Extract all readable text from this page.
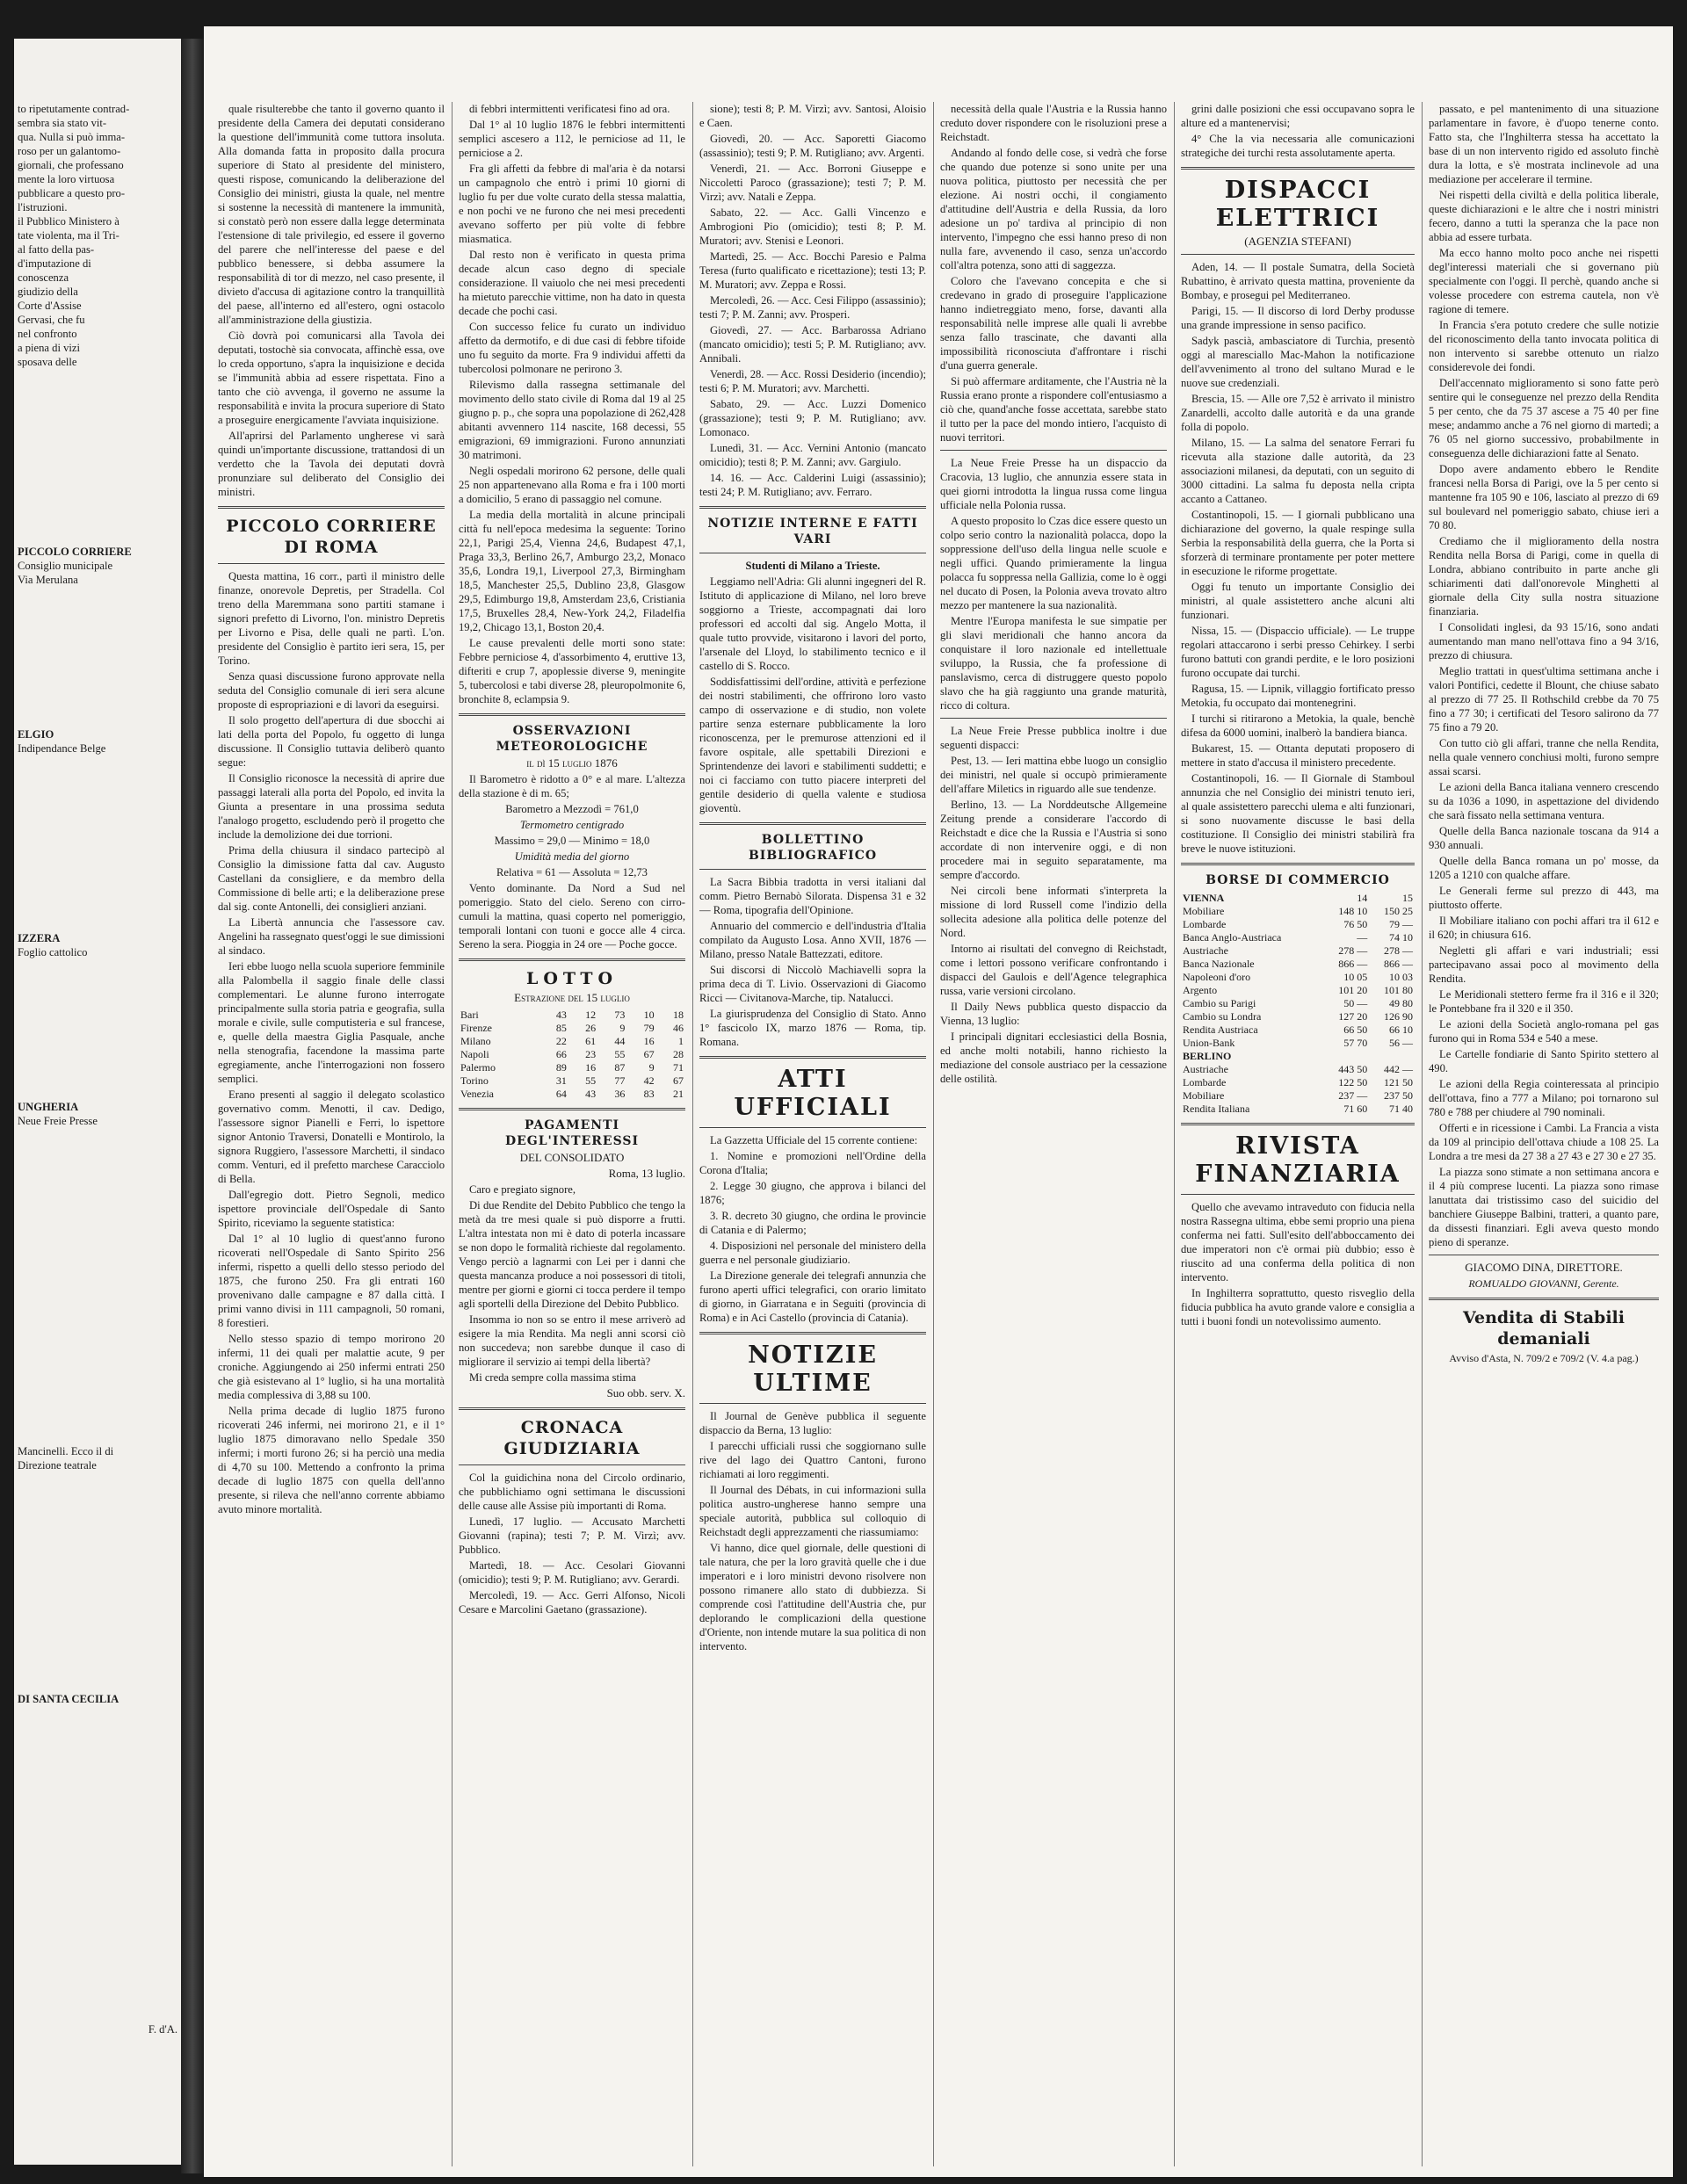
to ripetutamente contrad-

sembra sia stato vit-

qua. Nulla si può imma-

roso per un galantomo-

giornali, che professano

mente la loro virtuosa

pubblicare a questo pro-

l'istruzioni.

il Pubblico Ministero à

tate violenta, ma il Tri-

al fatto della pas-

d'imputazione di

conoscenza

giudizio della

Corte d'Assise

Gervasi, che fu

nel confronto

a piena di vizi

sposava delle

PICCOLO CORRIERE

Consiglio municipale

Via Merulana

ELGIO

Indipendance Belge

IZZERA

Foglio cattolico

UNGHERIA

Neue Freie Presse

Mancinelli. Ecco il di

Direzione teatrale

DI SANTA CECILIA

F. d'A.

quale risulterebbe che tanto il governo quanto il presidente della Camera dei deputati considerano la questione dell'immunità come tuttora insoluta. Alla domanda fatta in proposito dalla procura superiore di Stato al presidente del ministero, questi rispose, comunicando la deliberazione del Consiglio dei ministri, giusta la quale, nel mentre si sostenne la necessità di mantenere la immunità, si constatò però non essere dalla legge determinata l'estensione di tale privilegio, ed essere il governo del parere che nell'interesse del paese e del pubblico benessere, si debba assumere la responsabilità di tor di mezzo, nel caso presente, il divieto d'accusa di agitazione contro la tranquillità del paese, all'interno ed all'estero, ogni ostacolo all'amministrazione della giustizia.

Ciò dovrà poi comunicarsi alla Tavola dei deputati, tostochè sia convocata, affinchè essa, ove lo creda opportuno, s'apra la inquisizione e decida se l'immunità abbia ad essere rispettata. Fino a tanto che ciò avvenga, il governo ne assume la responsabilità e invita la procura superiore di Stato a proseguire energicamente l'avviata inquisizione.

All'aprirsi del Parlamento ungherese vi sarà quindi un'importante discussione, trattandosi di un verdetto che la Tavola dei deputati dovrà pronunziare sul deliberato del Consiglio dei ministri.

PICCOLO CORRIERE DI ROMA

Questa mattina, 16 corr., partì il ministro delle finanze, onorevole Depretis, per Stradella. Col treno della Maremmana sono partiti stamane i signori prefetto di Livorno, l'on. ministro Depretis per Livorno e Pisa, delle quali ne partì. L'on. presidente del Consiglio è partito ieri sera, 15, per Torino.

Senza quasi discussione furono approvate nella seduta del Consiglio comunale di ieri sera alcune proposte di espropriazioni e di lavori da eseguirsi.

Il solo progetto dell'apertura di due sbocchi ai lati della porta del Popolo, fu oggetto di lunga discussione. Il Consiglio tuttavia deliberò quanto segue:

Il Consiglio riconosce la necessità di aprire due passaggi laterali alla porta del Popolo, ed invita la Giunta a presentare in una prossima seduta l'analogo progetto, escludendo però il progetto che include la demolizione dei due torrioni.

Prima della chiusura il sindaco partecipò al Consiglio la dimissione fatta dal cav. Augusto Castellani da consigliere, e da membro della Commissione di belle arti; e la deliberazione prese dal sig. conte Antonelli, dei consiglieri anziani.

La Libertà annuncia che l'assessore cav. Angelini ha rassegnato quest'oggi le sue dimissioni al sindaco.

Ieri ebbe luogo nella scuola superiore femminile alla Palombella il saggio finale delle classi complementari. Le alunne furono interrogate principalmente sulla storia patria e geografia, sulla morale e civile, sulle computisteria e sul francese, e, quelle della maestra Giglia Pasquale, anche nella stenografia, facendone la massima parte egregiamente, anche l'interrogazioni non fossero semplici.

Erano presenti al saggio il delegato scolastico governativo comm. Menotti, il cav. Dedigo, l'assessore signor Pianelli e Ferri, lo ispettore signor Antonio Traversi, Donatelli e Montirolo, la signora Ruggiero, l'assessore Marchetti, il sindaco comm. Venturi, ed il prefetto marchese Caracciolo di Bella.

Dall'egregio dott. Pietro Segnoli, medico ispettore provinciale dell'Ospedale di Santo Spirito, riceviamo la seguente statistica:

Dal 1° al 10 luglio di quest'anno furono ricoverati nell'Ospedale di Santo Spirito 256 infermi, rispetto a quelli dello stesso periodo del 1875, che furono 250. Fra gli entrati 160 provenivano dalle campagne e 87 dalla città. I primi vanno divisi in 111 campagnoli, 50 romani, 8 forestieri.

Nello stesso spazio di tempo morirono 20 infermi, 11 dei quali per malattie acute, 9 per croniche. Aggiungendo ai 250 infermi entrati 250 che già esistevano al 1° luglio, si ha una mortalità media complessiva di 3,88 su 100.

Nella prima decade di luglio 1875 furono ricoverati 246 infermi, nei morirono 21, e il 1° luglio 1875 dimoravano nello Spedale 350 infermi; i morti furono 26; si ha perciò una media di 4,70 su 100. Mettendo a confronto la prima decade di luglio 1875 con quella dell'anno presente, si rileva che nell'anno corrente abbiamo avuto minore mortalità.

di febbri intermittenti verificatesi fino ad ora.

Dal 1° al 10 luglio 1876 le febbri intermittenti semplici ascesero a 112, le perniciose ad 11, le perniciose a 2.

Fra gli affetti da febbre di mal'aria è da notarsi un campagnolo che entrò i primi 10 giorni di luglio fu per due volte curato della stessa malattia, e non pochi ve ne furono che nei mesi precedenti avevano sofferto per più volte di febbre miasmatica.

Dal resto non è verificato in questa prima decade alcun caso degno di speciale considerazione. Il vaiuolo che nei mesi precedenti ha mietuto parecchie vittime, non ha dato in questa decade che pochi casi.

Con successo felice fu curato un individuo affetto da dermotifo, e di due casi di febbre tifoide uno fu seguito da morte. Fra 9 individui affetti da tubercolosi polmonare ne perirono 3.

Rilevismo dalla rassegna settimanale del movimento dello stato civile di Roma dal 19 al 25 giugno p. p., che sopra una popolazione di 262,428 abitanti avvennero 114 nascite, 168 decessi, 55 emigrazioni, 69 immigrazioni. Furono annunziati 30 matrimoni.

Negli ospedali morirono 62 persone, delle quali 25 non appartenevano alla Roma e fra i 100 morti a domicilio, 5 erano di passaggio nel comune.

La media della mortalità in alcune principali città fu nell'epoca medesima la seguente: Torino 22,1, Parigi 25,4, Vienna 24,6, Budapest 47,1, Praga 33,3, Berlino 26,7, Amburgo 23,2, Monaco 35,6, Londra 19,1, Liverpool 27,3, Birmingham 18,5, Manchester 25,5, Dublino 23,8, Glasgow 29,5, Edimburgo 19,8, Amsterdam 23,6, Cristiania 17,5, Bruxelles 28,4, New-York 24,2, Filadelfia 19,2, Chicago 13,1, Boston 20,4.

Le cause prevalenti delle morti sono state: Febbre perniciose 4, d'assorbimento 4, eruttive 13, difteriti e crup 7, apoplessie diverse 9, meningite 5, tubercolosi e tabi diverse 28, pleuropolmonite 6, bronchite 8, eclampsia 9.

OSSERVAZIONI METEOROLOGICHE

il dì 15 luglio 1876

Il Barometro è ridotto a 0° e al mare. L'altezza della stazione è di m. 65;

Barometro a Mezzodì = 761,0

Termometro centigrado

Massimo = 29,0 — Minimo = 18,0

Umidità media del giorno

Relativa = 61 — Assoluta = 12,73

Vento dominante. Da Nord a Sud nel pomeriggio. Stato del cielo. Sereno con cirro-cumuli la mattina, quasi coperto nel pomeriggio, temporali lontani con tuoni e gocce alle 4 circa. Sereno la sera. Pioggia in 24 ore — Poche gocce.

LOTTO

Estrazione del 15 luglio

Bari	43	12	73	10	18
Firenze	85	26	9	79	46
Milano	22	61	44	16	1
Napoli	66	23	55	67	28
Palermo	89	16	87	9	71
Torino	31	55	77	42	67
Venezia	64	43	36	83	21

PAGAMENTI DEGL'INTERESSI

DEL CONSOLIDATO

Roma, 13 luglio.

Caro e pregiato signore,

Di due Rendite del Debito Pubblico che tengo la metà da tre mesi quale si può disporre a frutti. L'altra intestata non mi è dato di poterla incassare se non dopo le formalità richieste dal regolamento. Vengo perciò a lagnarmi con Lei per i danni che questa mancanza produce a noi possessori di titoli, mentre per giorni e giorni ci tocca perdere il tempo agli sportelli della Direzione del Debito Pubblico.

Insomma io non so se entro il mese arriverò ad esigere la mia Rendita. Ma negli anni scorsi ciò non succedeva; non sarebbe dunque il caso di migliorare il servizio ai tempi della libertà?

Mi creda sempre colla massima stima

Suo obb. serv. X.

CRONACA GIUDIZIARIA

Col la guidichina nona del Circolo ordinario, che pubblichiamo ogni settimana le discussioni delle cause alle Assise più importanti di Roma.

Lunedì, 17 luglio. — Accusato Marchetti Giovanni (rapina); testi 7; P. M. Virzì; avv. Pubblico.

Martedì, 18. — Acc. Cesolari Giovanni (omicidio); testi 9; P. M. Rutigliano; avv. Gerardi.

Mercoledì, 19. — Acc. Gerri Alfonso, Nicoli Cesare e Marcolini Gaetano (grassazione).

sione); testi 8; P. M. Virzì; avv. Santosi, Aloisio e Caen.

Giovedì, 20. — Acc. Saporetti Giacomo (assassinio); testi 9; P. M. Rutigliano; avv. Argenti.

Venerdì, 21. — Acc. Borroni Giuseppe e Niccoletti Paroco (grassazione); testi 7; P. M. Virzì; avv. Natali e Zeppa.

Sabato, 22. — Acc. Galli Vincenzo e Ambrogioni Pio (omicidio); testi 8; P. M. Muratori; avv. Stenisi e Leonori.

Martedì, 25. — Acc. Bocchi Paresio e Palma Teresa (furto qualificato e ricettazione); testi 13; P. M. Muratori; avv. Zeppa e Rossi.

Mercoledì, 26. — Acc. Cesi Filippo (assassinio); testi 7; P. M. Zanni; avv. Prosperi.

Giovedì, 27. — Acc. Barbarossa Adriano (mancato omicidio); testi 5; P. M. Rutigliano; avv. Annibali.

Venerdì, 28. — Acc. Rossi Desiderio (incendio); testi 6; P. M. Muratori; avv. Marchetti.

Sabato, 29. — Acc. Luzzi Domenico (grassazione); testi 9; P. M. Rutigliano; avv. Lomonaco.

Lunedì, 31. — Acc. Vernini Antonio (mancato omicidio); testi 8; P. M. Zanni; avv. Gargiulo.

14. 16. — Acc. Calderini Luigi (assassinio); testi 24; P. M. Rutigliano; avv. Ferraro.

NOTIZIE INTERNE E FATTI VARI

Studenti di Milano a Trieste.

Leggiamo nell'Adria: Gli alunni ingegneri del R. Istituto di applicazione di Milano, nel loro breve soggiorno a Trieste, accompagnati dai loro professori ed accolti dal sig. Angelo Motta, il quale tutto provvide, visitarono i lavori del porto, l'arsenale del Lloyd, lo stabilimento tecnico e il castello di S. Rocco.

Soddisfattissimi dell'ordine, attività e perfezione dei nostri stabilimenti, che offrirono loro vasto campo di osservazione e di studio, non volete partire senza esternare pubblicamente la loro riconoscenza, per le premurose attenzioni ed il favore ospitale, alle spettabili Direzioni e Sprintendenze dei lavori e stabilimenti suddetti; e noi ci facciamo con tutto piacere interpreti del gentile desiderio di quella valente e studiosa gioventù.

BOLLETTINO BIBLIOGRAFICO

La Sacra Bibbia tradotta in versi italiani dal comm. Pietro Bernabò Silorata. Dispensa 31 e 32 — Roma, tipografia dell'Opinione.

Annuario del commercio e dell'industria d'Italia compilato da Augusto Losa. Anno XVII, 1876 — Milano, presso Natale Battezzati, editore.

Sui discorsi di Niccolò Machiavelli sopra la prima deca di T. Livio. Osservazioni di Giacomo Ricci — Civitanova-Marche, tip. Natalucci.

La giurisprudenza del Consiglio di Stato. Anno 1° fascicolo IX, marzo 1876 — Roma, tip. Romana.

ATTI UFFICIALI

La Gazzetta Ufficiale del 15 corrente contiene:

1. Nomine e promozioni nell'Ordine della Corona d'Italia;

2. Legge 30 giugno, che approva i bilanci del 1876;

3. R. decreto 30 giugno, che ordina le provincie di Catania e di Palermo;

4. Disposizioni nel personale del ministero della guerra e nel personale giudiziario.

La Direzione generale dei telegrafi annunzia che furono aperti uffici telegrafici, con orario limitato di giorno, in Giarratana e in Seguiti (provincia di Roma) e in Aci Castello (provincia di Catania).

NOTIZIE ULTIME

Il Journal de Genève pubblica il seguente dispaccio da Berna, 13 luglio:

I parecchi ufficiali russi che soggiornano sulle rive del lago dei Quattro Cantoni, furono richiamati ai loro reggimenti.

Il Journal des Débats, in cui informazioni sulla politica austro-ungherese hanno sempre una speciale autorità, pubblica sul colloquio di Reichstadt degli apprezzamenti che riassumiamo:

Vi hanno, dice quel giornale, delle questioni di tale natura, che per la loro gravità quelle che i due imperatori e i loro ministri devono risolvere non possono rimanere allo stato di dubbiezza. Si comprende così l'attitudine dell'Austria che, pur deplorando le complicazioni della questione d'Oriente, non intende mutare la sua politica di non intervento.

necessità della quale l'Austria e la Russia hanno creduto dover rispondere con le risoluzioni prese a Reichstadt.

Andando al fondo delle cose, si vedrà che forse che quando due potenze si sono unite per una nuova politica, piuttosto per necessità che per elezione. Ai nostri occhi, il congiamento d'attitudine dell'Austria e della Russia, da loro adesione un po' tardiva al principio di non intervento, l'impegno che essi hanno preso di non nulla fare, avvenendo il caso, senza un'accordo coll'altra potenza, sono atti di saggezza.

Coloro che l'avevano concepita e che si credevano in grado di proseguire l'applicazione hanno indietreggiato meno, forse, davanti alla responsabilità nelle imprese alle quali li avrebbe senza fallo trascinate, che davanti alla impossibilità riconosciuta d'affrontare i rischi d'una guerra generale.

Si può affermare arditamente, che l'Austria nè la Russia erano pronte a rispondere coll'entusiasmo a ciò che, quand'anche fosse accettata, sarebbe stato il tutto per la pace del mondo intiero, l'acquisto di nuovi territori.

La Neue Freie Presse ha un dispaccio da Cracovia, 13 luglio, che annunzia essere stata in quei giorni introdotta la lingua russa come lingua ufficiale nella Polonia russa.

A questo proposito lo Czas dice essere questo un colpo serio contro la nazionalità polacca, dopo la soppressione dell'uso della lingua nelle scuole e negli uffici. Quando primieramente la lingua polacca fu soppressa nella Gallizia, come lo è oggi nel ducato di Posen, la Polonia aveva trovato altro mezzo per mantenere la sua nazionalità.

Mentre l'Europa manifesta le sue simpatie per gli slavi meridionali che hanno ancora da conquistare il loro nazionale ed intellettuale sviluppo, la Russia, che fa professione di panslavismo, cerca di distruggere questo popolo slavo che ha già raggiunto una grande maturità, ricco di coltura.

La Neue Freie Presse pubblica inoltre i due seguenti dispacci:

Pest, 13. — Ieri mattina ebbe luogo un consiglio dei ministri, nel quale si occupò primieramente dell'affare Miletics in riguardo alle sue tendenze.

Berlino, 13. — La Norddeutsche Allgemeine Zeitung prende a considerare l'accordo di Reichstadt e dice che la Russia e l'Austria si sono accordate di non intervenire oggi, e di non procedere mai in seguito separatamente, ma sempre d'accordo.

Nei circoli bene informati s'interpreta la missione di lord Russell come l'indizio della sollecita adesione alla politica delle potenze del Nord.

Intorno ai risultati del convegno di Reichstadt, come i lettori possono verificare confrontando i dispacci del Gaulois e dell'Agence telegraphica russa, varie versioni circolano.

Il Daily News pubblica questo dispaccio da Vienna, 13 luglio:

I principali dignitari ecclesiastici della Bosnia, ed anche molti notabili, hanno richiesto la mediazione del console austriaco per la cessazione delle ostilità.

grini dalle posizioni che essi occupavano sopra le alture ed a mantenervisi;

4° Che la via necessaria alle comunicazioni strategiche dei turchi resta assolutamente aperta.

DISPACCI ELETTRICI

(AGENZIA STEFANI)

Aden, 14. — Il postale Sumatra, della Società Rubattino, è arrivato questa mattina, proveniente da Bombay, e prosegui pel Mediterraneo.

Parigi, 15. — Il discorso di lord Derby produsse una grande impressione in senso pacifico.

Sadyk pascià, ambasciatore di Turchia, presentò oggi al maresciallo Mac-Mahon la notificazione dell'avvenimento al trono del sultano Murad e le nuove sue credenziali.

Brescia, 15. — Alle ore 7,52 è arrivato il ministro Zanardelli, accolto dalle autorità e da una grande folla di popolo.

Milano, 15. — La salma del senatore Ferrari fu ricevuta alla stazione dalle autorità, da 23 associazioni milanesi, da deputati, con un seguito di 3000 cittadini. La salma fu deposta nella cripta accanto a Cattaneo.

Costantinopoli, 15. — I giornali pubblicano una dichiarazione del governo, la quale respinge sulla Serbia la responsabilità della guerra, che la Porta si sforzerà di terminare prontamente per poter mettere in esecuzione le riforme progettate.

Oggi fu tenuto un importante Consiglio dei ministri, al quale assistettero anche alcuni alti funzionari.

Nissa, 15. — (Dispaccio ufficiale). — Le truppe regolari attaccarono i serbi presso Cehirkey. I serbi furono battuti con grandi perdite, e le loro posizioni furono occupate dai turchi.

Ragusa, 15. — Lipnik, villaggio fortificato presso Metokia, fu occupato dai montenegrini.

I turchi si ritirarono a Metokia, la quale, benchè difesa da 6000 uomini, inalberò la bandiera bianca.

Bukarest, 15. — Ottanta deputati proposero di mettere in stato d'accusa il ministero precedente.

Costantinopoli, 16. — Il Giornale di Stamboul annunzia che nel Consiglio dei ministri tenuto ieri, al quale assistettero parecchi ulema e alti funzionari, si sono nuovamente discusse le basi della costituzione. Il Consiglio dei ministri stabilirà fra breve le nuove istituzioni.

BORSE DI COMMERCIO

VIENNA	14	15
Mobiliare	148 10	150 25
Lombarde	76 50	79 —
Banca Anglo-Austriaca	—	74 10
Austriache	278 —	278 —
Banca Nazionale	866 —	866 —
Napoleoni d'oro	10 05	10 03
Argento	101 20	101 80
Cambio su Parigi	50 —	49 80
Cambio su Londra	127 20	126 90
Rendita Austriaca	66 50	66 10
Union-Bank	57 70	56 —
BERLINO		
Austriache	443 50	442 —
Lombarde	122 50	121 50
Mobiliare	237 —	237 50
Rendita Italiana	71 60	71 40

RIVISTA FINANZIARIA

Quello che avevamo intraveduto con fiducia nella nostra Rassegna ultima, ebbe semi proprio una piena conferma nei fatti. Sull'esito dell'abboccamento dei due imperatori non c'è ormai più dubbio; esso è riuscito ad una conferma della politica di non intervento.

In Inghilterra soprattutto, questo risveglio della fiducia pubblica ha avuto grande valore e consiglia a tutti i buoni fondi un notevolissimo aumento.

passato, e pel mantenimento di una situazione parlamentare in favore, è d'uopo tenerne conto. Fatto sta, che l'Inghilterra stessa ha accettato la base di un non intervento rigido ed assoluto finchè dura la lotta, e s'è mostrata inclinevole ad una mediazione per accelerare il termine.

Nei rispetti della civiltà e della politica liberale, queste dichiarazioni e le altre che i nostri ministri fecero, danno a tutti la speranza che la pace non abbia ad essere turbata.

Ma ecco hanno molto poco anche nei rispetti degl'interessi materiali che si governano più specialmente con l'oggi. Il perchè, quando anche si volesse procedere con estrema cautela, non v'è ragione di temere.

In Francia s'era potuto credere che sulle notizie del riconoscimento della tanto invocata politica di non intervento si sarebbe ottenuto un rialzo considerevole dei fondi.

Dell'accennato miglioramento si sono fatte però sentire qui le conseguenze nel prezzo della Rendita 5 per cento, che da 75 37 ascese a 75 40 per fine mese; andammo anche a 76 nel giorno di martedì; a 76 05 nel giorno successivo, probabilmente in conseguenza delle dichiarazioni fatte al Senato.

Dopo avere andamento ebbero le Rendite francesi nella Borsa di Parigi, ove la 5 per cento si mantenne fra 105 90 e 106, lasciato al prezzo di 69 sul boulevard nel pomeriggio sabato, chiuse ieri a 70 80.

Crediamo che il miglioramento della nostra Rendita nella Borsa di Parigi, come in quella di Londra, abbiano contribuito in parte anche gli schiarimenti dati dall'onorevole Minghetti al giornale della City sulla nostra situazione finanziaria.

I Consolidati inglesi, da 93 15/16, sono andati aumentando man mano nell'ottava fino a 94 3/16, prezzo di chiusura.

Meglio trattati in quest'ultima settimana anche i valori Pontifici, cedette il Blount, che chiuse sabato al prezzo di 77 25. Il Rothschild crebbe da 70 75 fino a 77 30; i certificati del Tesoro salirono da 77 75 fino a 79 20.

Con tutto ciò gli affari, tranne che nella Rendita, nella quale vennero conchiusi molti, furono sempre assai scarsi.

Le azioni della Banca italiana vennero crescendo su da 1036 a 1090, in aspettazione del dividendo che sarà fissato nella settimana ventura.

Quelle della Banca nazionale toscana da 914 a 930 annuali.

Quelle della Banca romana un po' mosse, da 1205 a 1210 con qualche affare.

Le Generali ferme sul prezzo di 443, ma piuttosto offerte.

Il Mobiliare italiano con pochi affari tra il 612 e il 620; in chiusura 616.

Negletti gli affari e vari industriali; essi partecipavano assai poco al movimento della Rendita.

Le Meridionali stettero ferme fra il 316 e il 320; le Pontebbane fra il 320 e il 350.

Le azioni della Società anglo-romana pel gas furono qui in Roma 534 e 540 a mese.

Le Cartelle fondiarie di Santo Spirito stettero al 490.

Le azioni della Regia cointeressata al principio dell'ottava, fino a 777 a Milano; poi tornarono sul 780 e 788 per chiudere al 790 nominali.

Offerti e in ricessione i Cambi. La Francia a vista da 109 al principio dell'ottava chiude a 108 25. La Londra a tre mesi da 27 38 a 27 43 e 27 30 e 27 35.

La piazza sono stimate a non settimana ancora e il 4 più comprese lucenti. La piazza sono rimase lanuttata dai tristissimo caso del suicidio del banchiere Giuseppe Balbini, tratteri, a quanto pare, da dissesti finanziari. Egli aveva questo mondo pieno di speranze.

GIACOMO DINA, DIRETTORE.

ROMUALDO GIOVANNI, Gerente.

Vendita di Stabili demaniali

Avviso d'Asta, N. 709/2 e 709/2 (V. 4.a pag.)
